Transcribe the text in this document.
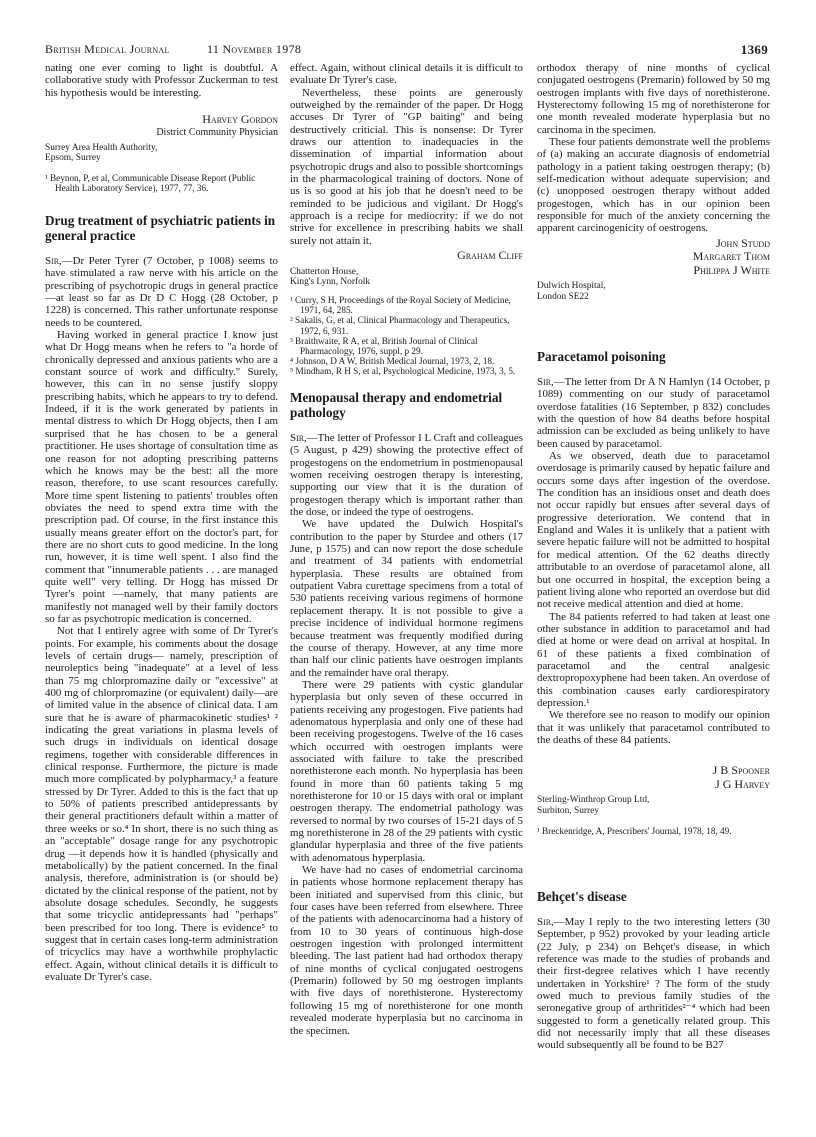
British Medical Journal	11 November 1978	1369

nating one ever coming to light is doubtful. A collaborative study with Professor Zuckerman to test his hypothesis would be interesting.

Harvey Gordon
District Community Physician
Surrey Area Health Authority,
Epsom, Surrey

¹ Beynon, P, et al, Communicable Disease Report (Public Health Laboratory Service), 1977, 77, 36.

Drug treatment of psychiatric patients in general practice

Sir,—Dr Peter Tyrer (7 October, p 1008) seems to have stimulated a raw nerve with his article on the prescribing of psychotropic drugs in general practice—at least so far as Dr D C Hogg (28 October, p 1228) is concerned. This rather unfortunate response needs to be countered.

Having worked in general practice I know just what Dr Hogg means when he refers to "a horde of chronically depressed and anxious patients who are a constant source of work and difficulty." Surely, however, this can in no sense justify sloppy prescribing habits, which he appears to try to defend. Indeed, if it is the work generated by patients in mental distress to which Dr Hogg objects, then I am surprised that he has chosen to be a general practitioner. He uses shortage of consultation time as one reason for not adopting prescribing patterns which he knows may be the best: all the more reason, therefore, to use scant resources carefully. More time spent listening to patients' troubles often obviates the need to spend extra time with the prescription pad. Of course, in the first instance this usually means greater effort on the doctor's part, for there are no short cuts to good medicine. In the long run, however, it is time well spent. I also find the comment that "innumerable patients . . . are managed quite well" very telling. Dr Hogg has missed Dr Tyrer's point —namely, that many patients are manifestly not managed well by their family doctors so far as psychotropic medication is concerned.

Not that I entirely agree with some of Dr Tyrer's points. For example, his comments about the dosage levels of certain drugs— namely, prescription of neuroleptics being "inadequate" at a level of less than 75 mg chlorpromazine daily or "excessive" at 400 mg of chlorpromazine (or equivalent) daily—are of limited value in the absence of clinical data. I am sure that he is aware of pharmacokinetic studies¹ ² indicating the great variations in plasma levels of such drugs in individuals on identical dosage regimens, together with considerable differences in clinical response. Furthermore, the picture is made much more complicated by polypharmacy,³ a feature stressed by Dr Tyrer. Added to this is the fact that up to 50% of patients prescribed antidepressants by their general practitioners default within a matter of three weeks or so.⁴ In short, there is no such thing as an "acceptable" dosage range for any psychotropic drug —it depends how it is handled (physically and metabolically) by the patient concerned. In the final analysis, therefore, administration is (or should be) dictated by the clinical response of the patient, not by absolute dosage schedules. Secondly, he suggests that some tricyclic antidepressants had "perhaps" been prescribed for too long. There is evidence⁵ to suggest that in certain cases long-term administration of tricyclics may have a worthwhile prophylactic effect. Again, without clinical details it is difficult to evaluate Dr Tyrer's case.

effect. Again, without clinical details it is difficult to evaluate Dr Tyrer's case.

Nevertheless, these points are generously outweighed by the remainder of the paper. Dr Hogg accuses Dr Tyrer of "GP baiting" and being destructively criticial. This is nonsense: Dr Tyrer draws our attention to inadequacies in the dissemination of impartial information about psychotropic drugs and also to possible shortcomings in the pharmacological training of doctors. None of us is so good at his job that he doesn't need to be reminded to be judicious and vigilant. Dr Hogg's approach is a recipe for mediocrity: if we do not strive for excellence in prescribing habits we shall surely not attain it.

Graham Cliff
Chatterton House,
King's Lynn, Norfolk

¹ Curry, S H, Proceedings of the Royal Society of Medicine, 1971, 64, 285.

² Sakalis, G, et al, Clinical Pharmacology and Therapeutics, 1972, 6, 931.

³ Braithwaite, R A, et al, British Journal of Clinical Pharmacology, 1976, suppl, p 29.

⁴ Johnson, D A W, British Medical Journal, 1973, 2, 18.

⁵ Mindham, R H S, et al, Psychological Medicine, 1973, 3, 5.

Menopausal therapy and endometrial pathology

Sir,—The letter of Professor I L Craft and colleagues (5 August, p 429) showing the protective effect of progestogens on the endometrium in postmenopausal women receiving oestrogen therapy is interesting, supporting our view that it is the duration of progestogen therapy which is important rather than the dose, or indeed the type of oestrogens.

We have updated the Dulwich Hospital's contribution to the paper by Sturdee and others (17 June, p 1575) and can now report the dose schedule and treatment of 34 patients with endometrial hyperplasia. These results are obtained from outpatient Vabra curettage specimens from a total of 530 patients receiving various regimens of hormone replacement therapy. It is not possible to give a precise incidence of individual hormone regimens because treatment was frequently modified during the course of therapy. However, at any time more than half our clinic patients have oestrogen implants and the remainder have oral therapy.

There were 29 patients with cystic glandular hyperplasia but only seven of these occurred in patients receiving any progestogen. Five patients had adenomatous hyperplasia and only one of these had been receiving progestogens. Twelve of the 16 cases which occurred with oestrogen implants were associated with failure to take the prescribed norethisterone each month. No hyperplasia has been found in more than 60 patients taking 5 mg norethisterone for 10 or 15 days with oral or implant oestrogen therapy. The endometrial pathology was reversed to normal by two courses of 15-21 days of 5 mg norethisterone in 28 of the 29 patients with cystic glandular hyperplasia and three of the five patients with adenomatous hyperplasia.

We have had no cases of endometrial carcinoma in patients whose hormone replacement therapy has been initiated and supervised from this clinic, but four cases have been referred from elsewhere. Three of the patients with adenocarcinoma had a history of from 10 to 30 years of continuous high-dose oestrogen ingestion with prolonged intermittent bleeding. The last patient had had orthodox therapy of nine months of cyclical conjugated oestrogens (Premarin) followed by 50 mg oestrogen implants with five days of norethisterone. Hysterectomy following 15 mg of norethisterone for one month revealed moderate hyperplasia but no carcinoma in the specimen.

orthodox therapy of nine months of cyclical conjugated oestrogens (Premarin) followed by 50 mg oestrogen implants with five days of norethisterone. Hysterectomy following 15 mg of norethisterone for one month revealed moderate hyperplasia but no carcinoma in the specimen.

These four patients demonstrate well the problems of (a) making an accurate diagnosis of endometrial pathology in a patient taking oestrogen therapy; (b) self-medication without adequate supervision; and (c) unopposed oestrogen therapy without added progestogen, which has in our opinion been responsible for much of the anxiety concerning the apparent carcinogenicity of oestrogens.

John Studd
Margaret Thom
Philippa J White
Dulwich Hospital,
London SE22
Paracetamol poisoning

Sir,—The letter from Dr A N Hamlyn (14 October, p 1089) commenting on our study of paracetamol overdose fatalities (16 September, p 832) concludes with the question of how 84 deaths before hospital admission can be excluded as being unlikely to have been caused by paracetamol.

As we observed, death due to paracetamol overdosage is primarily caused by hepatic failure and occurs some days after ingestion of the overdose. The condition has an insidious onset and death does not occur rapidly but ensues after several days of progressive deterioration. We contend that in England and Wales it is unlikely that a patient with severe hepatic failure will not be admitted to hospital for medical attention. Of the 62 deaths directly attributable to an overdose of paracetamol alone, all but one occurred in hospital, the exception being a patient living alone who reported an overdose but did not receive medical attention and died at home.

The 84 patients referred to had taken at least one other substance in addition to paracetamol and had died at home or were dead on arrival at hospital. In 61 of these patients a fixed combination of paracetamol and the central analgesic dextropropoxyphene had been taken. An overdose of this combination causes early cardiorespiratory depression.¹

We therefore see no reason to modify our opinion that it was unlikely that paracetamol contributed to the deaths of these 84 patients.

J B Spooner
J G Harvey
Sterling-Winthrop Group Ltd,
Surbiton, Surrey

¹ Breckenridge, A, Prescribers' Journal, 1978, 18, 49.

Behçet's disease

Sir,—May I reply to the two interesting letters (30 September, p 952) provoked by your leading article (22 July, p 234) on Behçet's disease, in which reference was made to the studies of probands and their first-degree relatives which I have recently undertaken in Yorkshire¹ ? The form of the study owed much to previous family studies of the seronegative group of arthritides²⁻⁴ which had been suggested to form a genetically related group. This did not necessarily imply that all these diseases would subsequently all be found to be B27
